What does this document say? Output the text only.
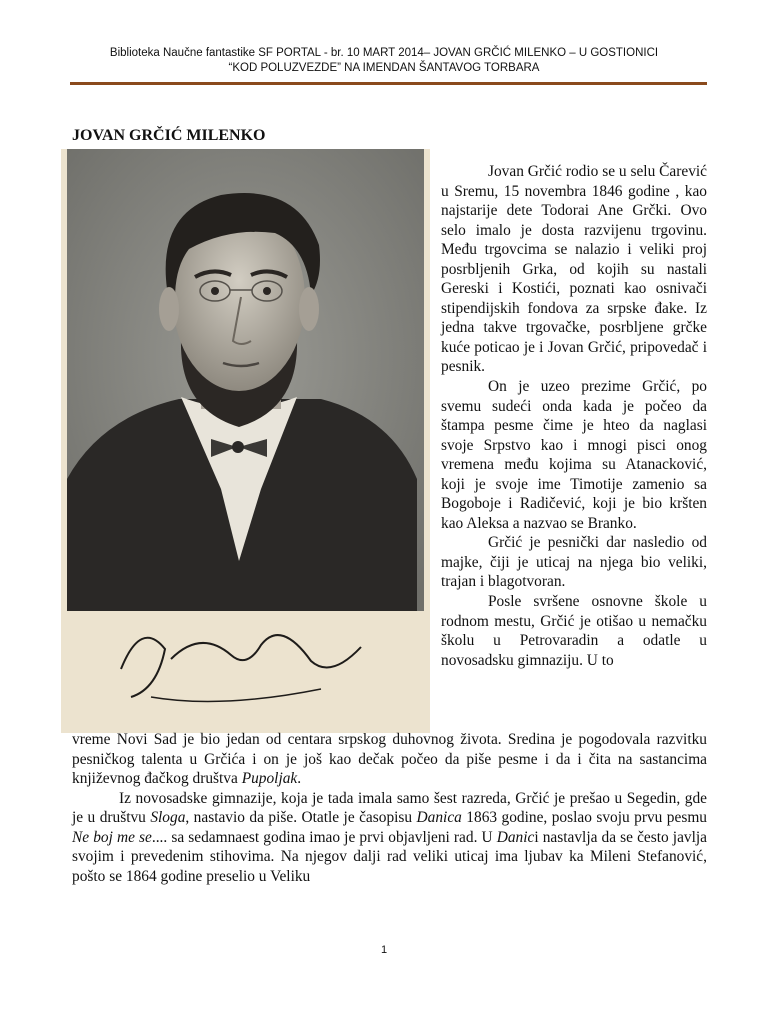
Biblioteka Naučne fantastike SF PORTAL - br. 10 MART 2014– JOVAN GRČIĆ MILENKO – U GOSTIONICI
“KOD POLUZVEZDE” NA IMENDAN ŠANTAVOG TORBARA
JOVAN GRČIĆ MILENKO

Jovan Grčić rodio se u selu Čarević u Sremu, 15 novembra 1846 godine , kao najstarije dete Todorai Ane Grčki. Ovo selo imalo je dosta razvijenu trgovinu. Među trgovcima se nalazio i veliki proj posrbljenih Grka, od kojih su nastali Gereski i Kostići, poznati kao osnivači stipendijskih fondova za srpske đake. Iz jedna takve trgovačke, posrbljene grčke kuće poticao je i Jovan Grčić, pripovedač i pesnik.

On je uzeo prezime Grčić, po svemu sudeći onda kada je počeo da štampa pesme čime je hteo da naglasi svoje Srpstvo kao i mnogi pisci onog vremena među kojima su Atanacković, koji je svoje ime Timotije zamenio sa Bogoboje i Radičević, koji je bio kršten kao Aleksa a nazvao se Branko.

Grčić je pesnički dar nasledio od majke, čiji je uticaj na njega bio veliki, trajan i blagotvoran.

Posle svršene osnovne škole u rodnom mestu, Grčić je otišao u nemačku školu u Petrovaradin a odatle u novosadsku gimnaziju. U to

vreme Novi Sad je bio jedan od centara srpskog duhovnog života. Sredina je pogodovala razvitku pesničkog talenta u Grčića i on je još kao dečak počeo da piše pesme i da i čita na sastancima književnog đačkog društva Pupoljak.

Iz novosadske gimnazije, koja je tada imala samo šest razreda, Grčić je prešao u Segedin, gde je u društvu Sloga, nastavio da piše. Otatle je časopisu Danica 1863 godine, poslao svoju prvu pesmu Ne boj me se.... sa sedamnaest godina imao je prvi objavljeni rad. U Danici nastavlja da se često javlja svojim i prevedenim stihovima. Na njegov dalji rad veliki uticaj ima ljubav ka Mileni Stefanović, pošto se 1864 godine preselio u Veliku

1
